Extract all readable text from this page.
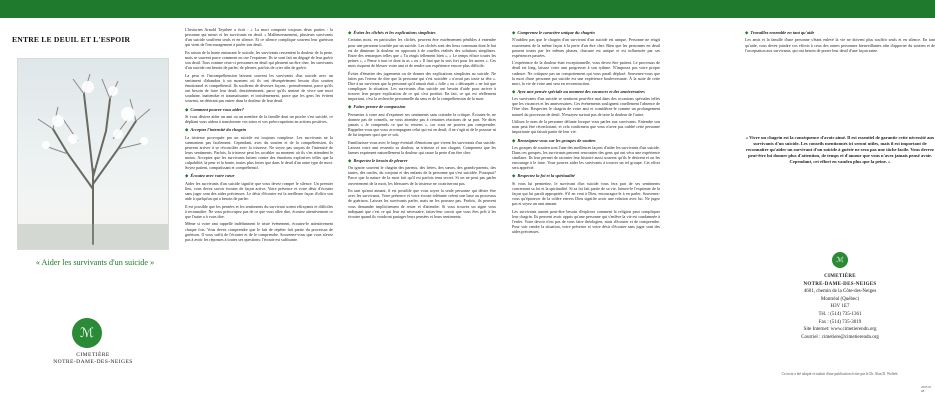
ENTRE LE DEUIL ET L'ESPOIR

« Aider les survivants d'un suicide »
ℳ
CIMETIÈRE
NOTRE-DAME-DES-NEIGES

L'historien Arnold Toynbee a écrit : « La mort comporte toujours deux parties : la personne qui meurt et les survivants en deuil. » Malheureusement, plusieurs survivants d'un suicide souffrent seuls et en silence. Et ce silence complique souvent leur guérison qui vient de l'encouragement à parler son deuil.

En raison de la honte entourant le suicide, les survivants ressentent la douleur de la perte, mais se sauvent parce comment on ose l'exprimer. Ils se sont fait un dégagé de leur guérir son deuil. Tous comme ceux-ci personnes en deuil qui pleurent un être cher, les survivants d'un suicide ont besoin de parler, de pleurer, parfois de crier afin de guérir.

La peur et l'incompréhension laissent souvent les survivants d'un suicide avec un sentiment d'abandon à un moment où ils ont désespérément besoin d'un soutien émotionnel et compréhensif. Ils souffrent de diverses façons : premièrement, parce qu'ils ont besoin de faire leur deuil; deuxièmement, parce qu'ils sentent de vivre une mort soudaine, inattendue et traumatisante; et troisièmement, parce que les gens les évitent souvent, ne désirant pas entrer dans la douleur de leur deuil.

◆ Comment pouvez-vous aider?

Si vous désirez aider un ami ou un membre de la famille dont un proche s'est suicidé, ce dépliant vous aidera à transformer vos soins et vos préoccupations en actions positives.

◆ Acceptez l'intensité du chagrin

La tristesse provoquée par un suicide est toujours complexe. Les survivants ne la surmontent pas facilement. Cependant, avec du soutien et de la compréhension, ils peuvent arriver à se réconcilier avec la tristesse. Ne soyez pas surpris de l'intensité de leurs sentiments. Parfois, la tristesse peut les accabler au moment où ils s'en attendent le moins. Acceptez que les survivants luttent contre des émotions explosives telles que la culpabilité, la peur et la honte, toutes plus fortes que dans le deuil d'un autre type de mort. Soyez patient, compatissant et compréhensif.

◆ Écoutez avec votre cœur

Aider les survivants d'un suicide signifie que vous devez rompre le silence. Un premier lieu, vous devez savoir écouter de façon active. Votre présence et votre désir d'écouter sans juger sont des aides précieuses. Le désir d'écouter est la meilleure façon d'offrir son aide à quelqu'un qui a besoin de parler.

Il est possible que les pensées et les sentiments du survivant soient effrayants et difficiles à reconnaître. Ne vous préoccupez pas de ce que vous allez dire, écoutez attentivement ce que l'autre a à vous dire.

Même si votre ami rappelle indéfiniment le triste événement, écoutez-le attentivement chaque fois. Vous devez comprendre que le fait de répéter fait partie du processus de guérison. Il vous suffit de l'écouter et de le comprendre. Souvenez-vous que vous n'avez pas à avoir les réponses à toutes ses questions; l'écoute est suffisante.

◆ Évitez les clichés et les explications simplistes

Certains mots, en particulier les clichés, peuvent être extrêmement pénibles à entendre pour une personne touchée par un suicide. Les clichés sont des lieux communs dont le but est de diminuer la douleur en opposant à de cruelles réalités des solutions simplistes. Entre des remarques telles que « Tu réagis tellement bien », « Le temps efface toutes les peines », « Pense à tout ce dont tu as » ou « Il faut que tu sois fort pour les autres ». Ces mots risquent de blesser votre ami et de rendre son expérience encore plus difficile.

Évitez d'émettre des jugements ou de donner des explications simplistes au suicide. Ne faites pas l'erreur de dire que la personne qui s'est suicidée « n'avait pas toute sa tête ». Dire à un survivant que la personne qu'il aimait était « folle » ou « détraquée » ne fait que compliquer la situation. Les survivants d'un suicide ont besoin d'aide pour arriver à trouver leur propre explication de ce qui s'est produit. En fait, ce qui est réellement important, c'est la recherche personnelle du sens et de la compréhension de la mort.

◆ Faites preuve de compassion

Permettez à votre ami d'exprimer ses sentiments sans craindre la critique. Écoutez-le, ne donnez pas de conseils, ne vous attendez pas à certaines réactions de sa part. Ne dites jamais « Je comprends ce que tu ressens », car vous ne pouvez pas comprendre. Rappelez-vous que vous accompagnez celui qui est en deuil; il ne s'agit ni de le pousser ni de lui imposer quoi que ce soit.

Familiarisez-vous avec le large éventail d'émotions que vivent les survivants d'un suicide. Laissez votre ami ressentir sa douleur, sa tristesse et son chagrin. Comprenez que les larmes expriment naturellement la douleur qui cause la perte d'un être cher.

◆ Respectez le besoin de pleurer

On ignore souvent le chagrin des parents, des frères, des sœurs, des grands-parents, des tantes, des oncles, du conjoint et des enfants de la personne qui s'est suicidée. Pourquoi? Parce que la nature de la mort fait qu'il est parfois tenu secret. Si on ne peut pas parler ouvertement de la mort, les blessures de la tristesse ne cicatriseront pas.

En tant qu'ami aimant, il est possible que vous soyez la seule personne qui désire être avec les survivants. Votre présence et votre écoute tolérante créent une base au processus de guérison. Laissez les survivants parler, mais ne les poussez pas. Parfois, ils peuvent vous demander implicitement de rester et d'attendre. Si vous trouvez un signe vous indiquant que c'est ce qui leur est nécessaire, faites-leur savoir que vous êtes prêt à les écouter quand ils voudront partager leurs pensées et leurs sentiments.

◆ Comprenez le caractère unique du chagrin

N'oubliez pas que le chagrin d'un survivant d'un suicide est unique. Personne ne réagit exactement de la même façon à la perte d'un être cher. Bien que les personnes en deuil passent toutes par les mêmes phases, chacune est unique et est influencée par ses expériences passées.

L'expérience de la douleur était exceptionnelle, vous devez être patient. Le processus de deuil est long, laissez votre ami progresser à son rythme. N'imposez pas votre propre cadence. Ne critiquez pas un comportement qui vous paraît déplacé. Souvenez-vous que la mort d'une personne par suicide est une expérience bouleversante. À la suite de cette mort, la vie de votre ami sera en reconstruction.

◆ Ayez une pensée spéciale au moment des vacances et des anniversaires

Les survivants d'un suicide se sentiront peut-être mal dans des occasions spéciales telles que les vacances et les anniversaires. Ces événements soulignent cruellement l'absence de l'être cher. Respectez le chagrin de votre ami et considérez-le comme un prolongement naturel du processus de deuil. N'essayez surtout pas de taire la douleur de l'autre.

Utilisez le nom de la personne défunte lorsque vous parlez aux survivants. Entendre son nom peut être réconfortant, et cela confirmera que vous n'avez pas oublié cette personne importante qui faisait partie de leur vie.

◆ Renseignez-vous sur les groupes de soutien

Les groupes de soutien sont l'une des meilleures façons d'aider les survivants d'un suicide. Dans ces groupes, les survivants peuvent rencontrer des gens qui ont vécu une expérience similaire. Ils leur permet de raconter leur histoire aussi souvent qu'ils le désirent et on les encourage à le faire. Vous pouvez aider les survivants à trouver un tel groupe. Cet effort sera apprécié.

◆ Respectez la foi et la spiritualité

Si vous lui permettez, le survivant d'un suicide vous fera part de ses sentiments concernant sa foi et la spiritualité. Si sa foi fait partie de sa vie, laissez-le l'exprimer de la façon qui lui paraît appropriée. S'il en veut à Dieu, encouragez-le à en parler. Souvenez-vous qu'éprouver de la colère envers Dieu signifie avoir une relation avec lui. Ne jugez pas et soyez un ami aimant.

Les survivants auront peut-être besoin d'explorer comment la religion peut compliquer leur chagrin. Ils peuvent avoir appris qu'une personne qui s'enlève la vie est condamnée à l'enfer. Votre devoir n'est pas de vous faire théologien, mais d'écouter et de comprendre. Pour voir rendre la situation, votre présence et votre désir d'écouter sans juger sont des aides précieuses.

◆ Travaillez ensemble en tant qu'aide

Les amis et la famille d'une personne s'étant enlevé la vie ne doivent plus souffrir seuls et en silence. En tant qu'aide, vous devez joindre vos efforts à ceux des autres personnes bienveillantes afin d'apporter du soutien et de l'acceptation aux survivants, qui ont besoin de porter leur deuil d'une façon saine.

« Vivre un chagrin est la conséquence d'avoir aimé. Il est essentiel de garantir cette nécessité aux survivants d'un suicide. Les conseils mentionnés ici seront utiles, mais il est important de reconnaître qu'aider un survivant d'un suicide à guérir ne sera pas une tâche facile. Vous devrez peut-être lui donner plus d'attention, de temps et d'amour que vous n'avez jamais pensé avoir. Cependant, cet effort en vaudra plus que la peine. »
ℳ
CIMETIÈRE
NOTRE-DAME-DES-NEIGES
4601, chemin de la Côte-des-Neiges
Montréal (Québec)
H3V 1E7
Tél. : (514) 735-1361
Fax : (514) 735-3019
Site Internet: www.cimetierendn.org
Courriel : cimetiere@cimetierendn.org
Ce texte a été adapté et traduit d'une publication écrite par le Dr. Alan D. Wolfelt.
2005-01 #8
